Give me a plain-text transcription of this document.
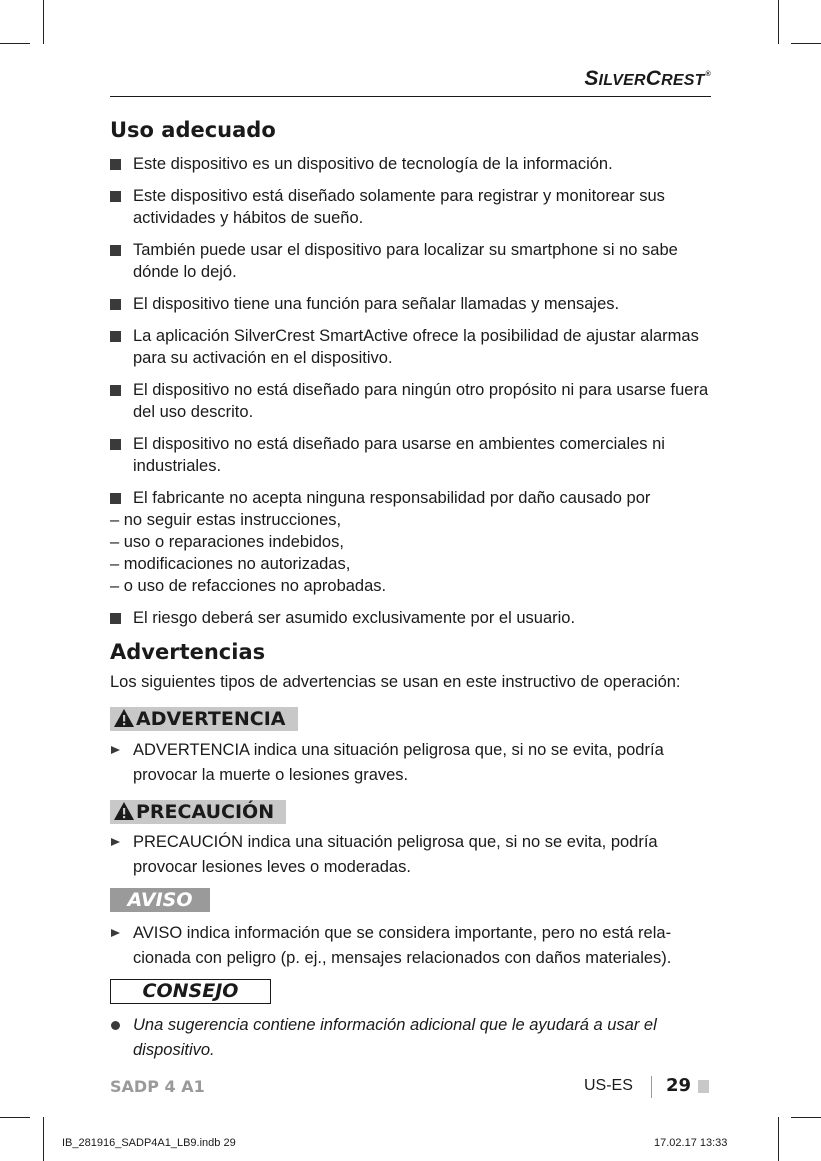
SILVERCREST®
Uso adecuado
Este dispositivo es un dispositivo de tecnología de la información.
Este dispositivo está diseñado solamente para registrar y monitorear sus actividades y hábitos de sueño.
También puede usar el dispositivo para localizar su smartphone si no sabe dónde lo dejó.
El dispositivo tiene una función para señalar llamadas y mensajes.
La aplicación SilverCrest SmartActive ofrece la posibilidad de ajustar alarmas para su activación en el dispositivo.
El dispositivo no está diseñado para ningún otro propósito ni para usarse fuera del uso descrito.
El dispositivo no está diseñado para usarse en ambientes comerciales ni industriales.
El fabricante no acepta ninguna responsabilidad por daño causado por
– no seguir estas instrucciones,
– uso o reparaciones indebidos,
– modificaciones no autorizadas,
– o uso de refacciones no aprobadas.
El riesgo deberá ser asumido exclusivamente por el usuario.
Advertencias
Los siguientes tipos de advertencias se usan en este instructivo de operación:
ADVERTENCIA
ADVERTENCIA indica una situación peligrosa que, si no se evita, podría provocar la muerte o lesiones graves.
PRECAUCIÓN
PRECAUCIÓN indica una situación peligrosa que, si no se evita, podría provocar lesiones leves o moderadas.
AVISO
AVISO indica información que se considera importante, pero no está rela-cionada con peligro (p. ej., mensajes relacionados con daños materiales).
CONSEJO
Una sugerencia contiene información adicional que le ayudará a usar el dispositivo.
SADP 4 A1	US-ES 29
IB_281916_SADP4A1_LB9.indb 29	17.02.17 13:33
